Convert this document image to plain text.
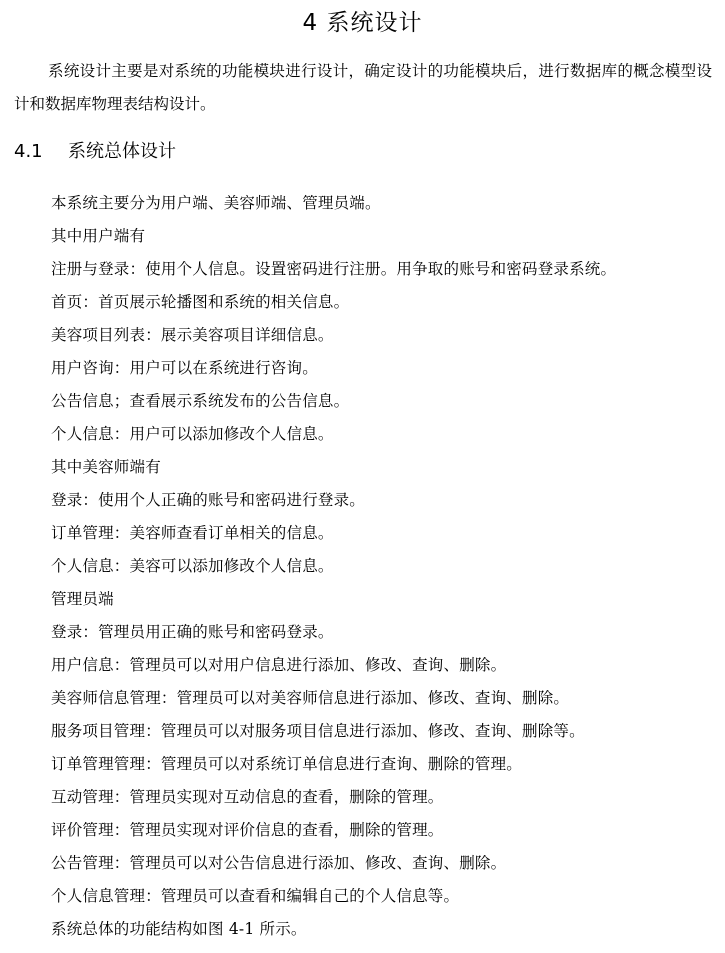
4 系统设计

系统设计主要是对系统的功能模块进行设计，确定设计的功能模块后，进行数据库的概念模型设计和数据库物理表结构设计。

4.1 系统总体设计
本系统主要分为用户端、美容师端、管理员端。
其中用户端有
注册与登录：使用个人信息。设置密码进行注册。用争取的账号和密码登录系统。
首页：首页展示轮播图和系统的相关信息。
美容项目列表：展示美容项目详细信息。
用户咨询：用户可以在系统进行咨询。
公告信息；查看展示系统发布的公告信息。
个人信息：用户可以添加修改个人信息。
其中美容师端有
登录：使用个人正确的账号和密码进行登录。
订单管理：美容师查看订单相关的信息。
个人信息：美容可以添加修改个人信息。
管理员端
登录：管理员用正确的账号和密码登录。
用户信息：管理员可以对用户信息进行添加、修改、查询、删除。
美容师信息管理：管理员可以对美容师信息进行添加、修改、查询、删除。
服务项目管理：管理员可以对服务项目信息进行添加、修改、查询、删除等。
订单管理管理：管理员可以对系统订单信息进行查询、删除的管理。
互动管理：管理员实现对互动信息的查看，删除的管理。
评价管理：管理员实现对评价信息的查看，删除的管理。
公告管理：管理员可以对公告信息进行添加、修改、查询、删除。
个人信息管理：管理员可以查看和编辑自己的个人信息等。
系统总体的功能结构如图 4-1 所示。
